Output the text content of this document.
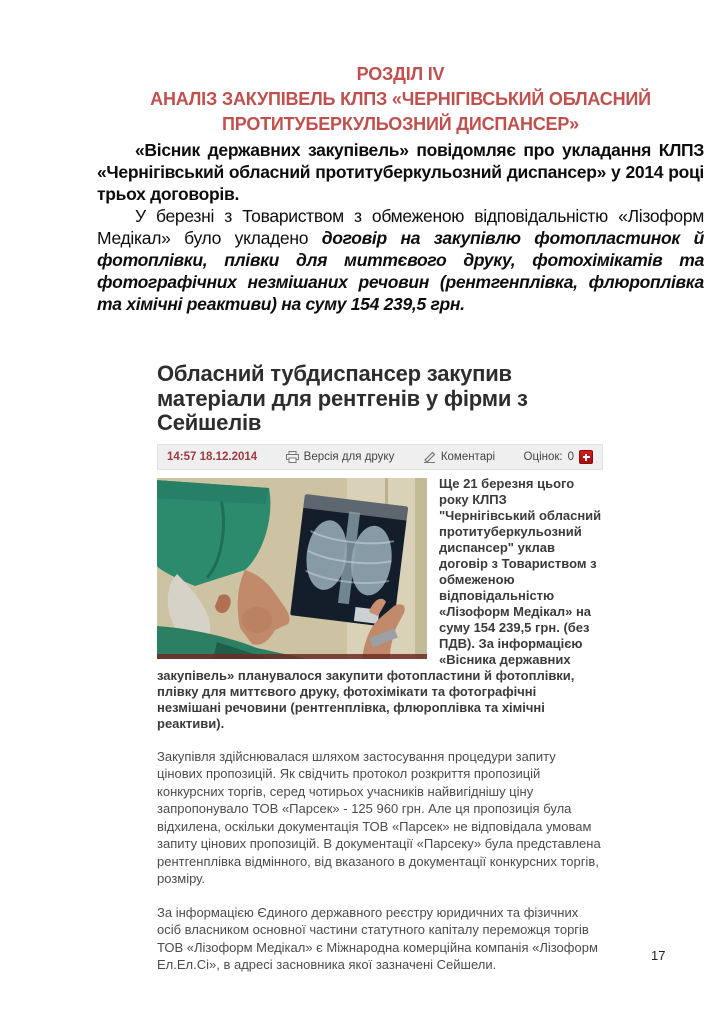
РОЗДІЛ IV
АНАЛІЗ ЗАКУПІВЕЛЬ КЛПЗ «ЧЕРНІГІВСЬКИЙ ОБЛАСНИЙ
ПРОТИТУБЕРКУЛЬОЗНИЙ ДИСПАНСЕР»

«Вісник державних закупівель» повідомляє про укладання КЛПЗ «Чернігівський обласний протитуберкульозний диспансер» у 2014 році трьох договорів.

У березні з Товариством з обмеженою відповідальністю «Лізоформ Медікал» було укладено договір на закупівлю фотопластинок й фотоплівки, плівки для миттєвого друку, фотохімікатів та фотографічних незмішаних речовин (рентгенплівка, флюроплівка та хімічні реактиви) на суму 154 239,5 грн.

Обласний тубдиспансер закупив матеріали для рентгенів у фірми з Сейшелів
14:57 18.12.2014	Версія для друку	Коментарі Оцінок: 0

Ще 21 березня цього року КЛПЗ "Чернігівський обласний протитуберкульозний диспансер" уклав договір з Товариством з обмеженою відповідальністю «Лізоформ Медікал» на суму 154 239,5 грн. (без ПДВ). За інформацією «Вісника державних закупівель» планувалося закупити фотопластини й фотоплівки, плівку для миттєвого друку, фотохімікати та фотографічні незмішані речовини (рентгенплівка, флюроплівка та хімічні реактиви).

Закупівля здійснювалася шляхом застосування процедури запиту цінових пропозицій. Як свідчить протокол розкриття пропозицій конкурсних торгів, серед чотирьох учасників найвигіднішу ціну запропонувало ТОВ «Парсек» - 125 960 грн. Але ця пропозиція була відхилена, оскільки документація ТОВ «Парсек» не відповідала умовам запиту цінових пропозицій. В документації «Парсеку» була представлена рентгенплівка відмінного, від вказаного в документації конкурсних торгів, розміру.

За інформацією Єдиного державного реєстру юридичних та фізичних осіб власником основної частини статутного капіталу переможця торгів ТОВ «Лізоформ Медікал» є Міжнародна комерційна компанія «Лізоформ Ел.Ел.Сі», в адресі засновника якої зазначені Сейшели.

17
